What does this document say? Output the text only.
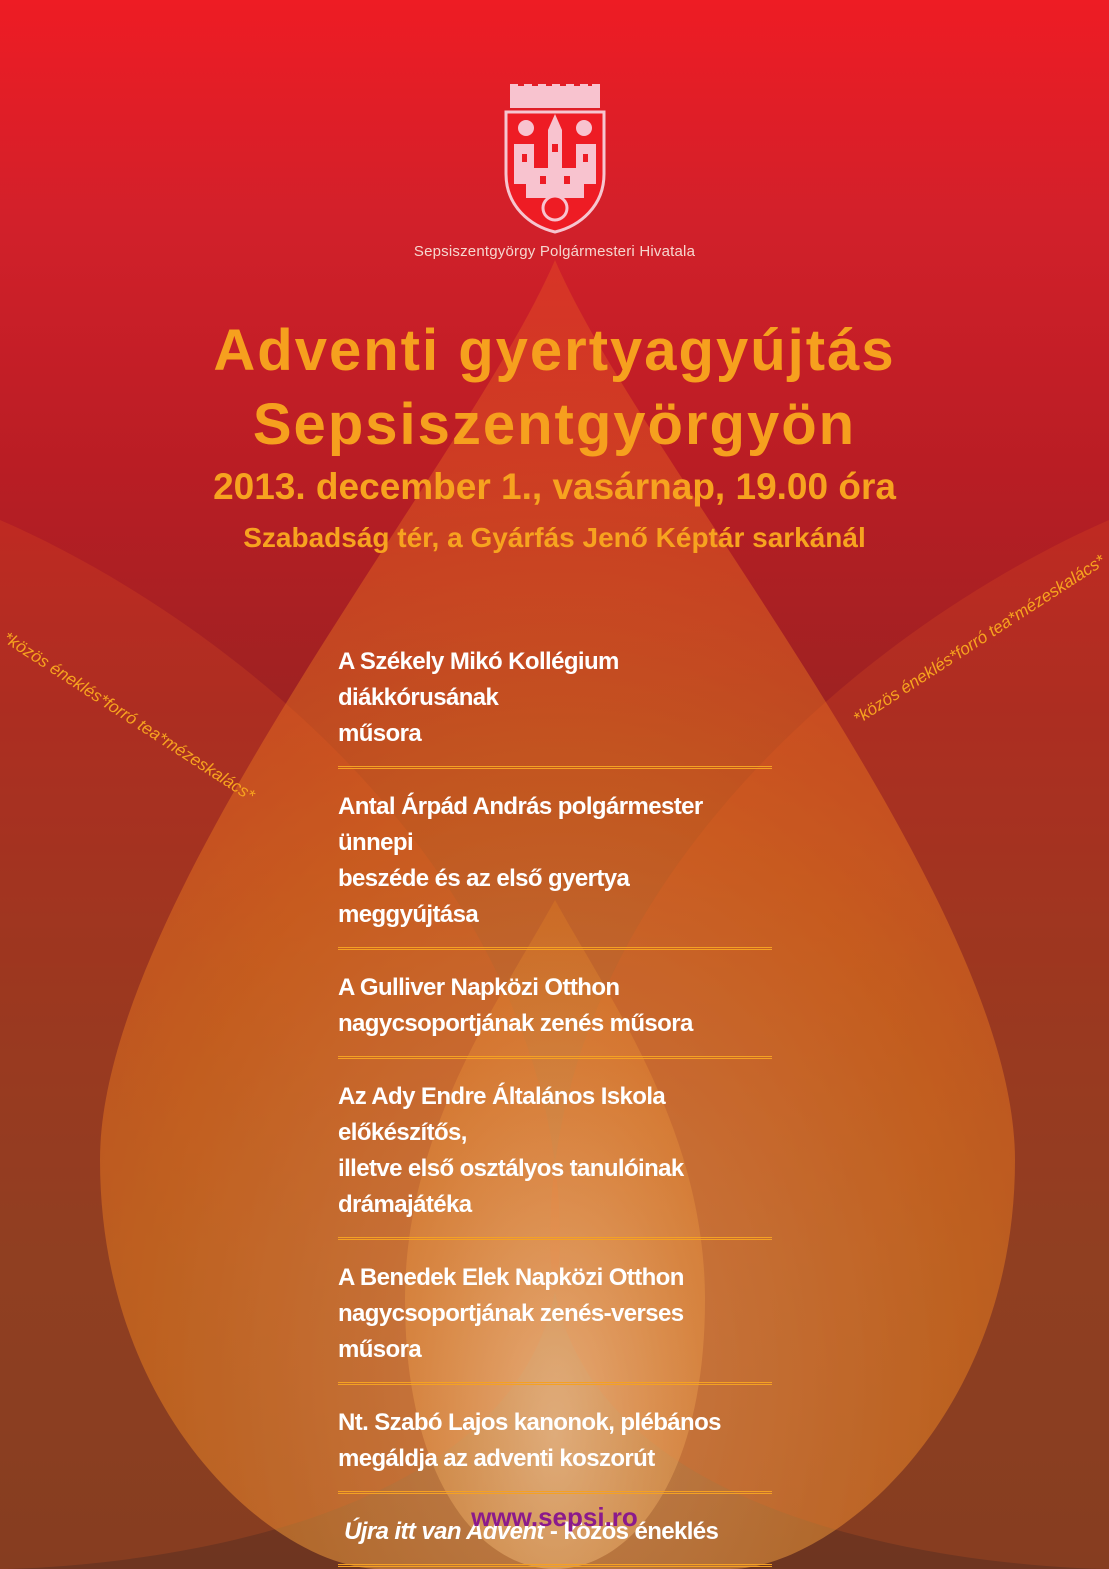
Sepsiszentgyörgy Polgármesteri Hivatala
Adventi gyertyagyújtás
Sepsiszentgyörgyön
2013. december 1., vasárnap, 19.00 óra
Szabadság tér, a Gyárfás Jenő Képtár sarkánál
*közös éneklés*forró tea*mézeskalács*	*közös éneklés*forró tea*mézeskalács*
A Székely Mikó Kollégium diákkórusának
műsora
Antal Árpád András polgármester ünnepi
beszéde és az első gyertya meggyújtása
A Gulliver Napközi Otthon
nagycsoportjának zenés műsora
Az Ady Endre Általános Iskola előkészítős,
illetve első osztályos tanulóinak
drámajátéka
A Benedek Elek Napközi Otthon
nagycsoportjának zenés-verses műsora
Nt. Szabó Lajos kanonok, plébános
megáldja az adventi koszorút
Újra itt van Advent - közös éneklés
www.sepsi.ro
